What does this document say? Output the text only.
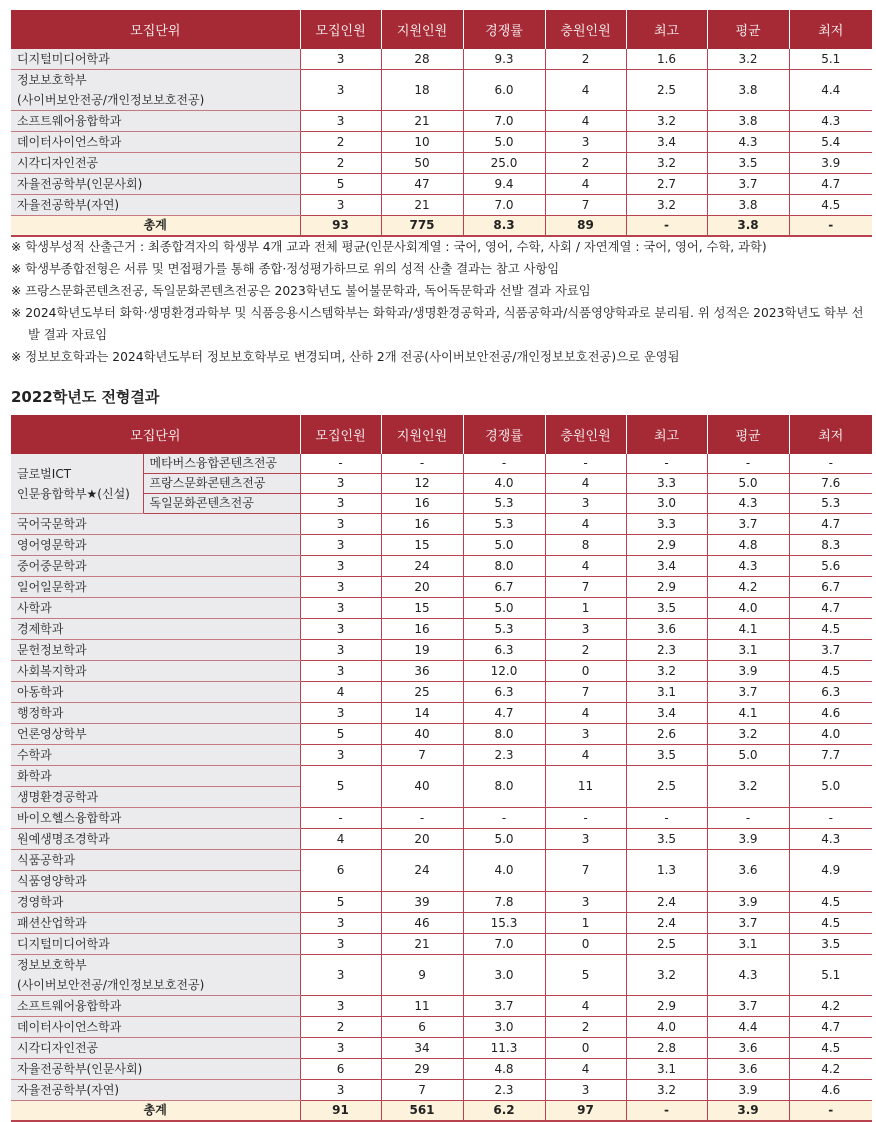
모집단위	모집인원	지원인원	경쟁률	충원인원	최고	평균	최저

디지털미디어학과	3	28	9.3	2	1.6	3.2	5.1

정보보호학부
(사이버보안전공/개인정보보호전공)	3	18	6.0	4	2.5	3.8	4.4

소프트웨어융합학과	3	21	7.0	4	3.2	3.8	4.3

데이터사이언스학과	2	10	5.0	3	3.4	4.3	5.4

시각디자인전공	2	50	25.0	2	3.2	3.5	3.9

자율전공학부(인문사회)	5	47	9.4	4	2.7	3.7	4.7

자율전공학부(자연)	3	21	7.0	7	3.2	3.8	4.5
총계	93	775	8.3	89	-	3.8	-
※ 학생부성적 산출근거 : 최종합격자의 학생부 4개 교과 전체 평균(인문사회계열 : 국어, 영어, 수학, 사회 / 자연계열 : 국어, 영어, 수학, 과학)
※ 학생부종합전형은 서류 및 면접평가를 통해 종합·정성평가하므로 위의 성적 산출 결과는 참고 사항임
※ 프랑스문화콘텐츠전공, 독일문화콘텐츠전공은 2023학년도 불어불문학과, 독어독문학과 선발 결과 자료임
※ 2024학년도부터 화학·생명환경과학부 및 식품응용시스템학부는 화학과/생명환경공학과, 식품공학과/식품영양학과로 분리됨. 위 성적은 2023학년도 학부 선발 결과 자료임
※ 정보보호학과는 2024학년도부터 정보보호학부로 변경되며, 산하 2개 전공(사이버보안전공/개인정보보호전공)으로 운영됨
2022학년도 전형결과
모집단위		모집인원	지원인원	경쟁률	충원인원	최고	평균	최저

글로벌ICT
인문융합학부★(신설)	메타버스융합콘텐츠전공	-	-	-	-	-	-	-
	프랑스문화콘텐츠전공	3	12	4.0	4	3.3	5.0	7.6
	독일문화콘텐츠전공	3	16	5.3	3	3.0	4.3	5.3

국어국문학과		3	16	5.3	4	3.3	3.7	4.7

영어영문학과		3	15	5.0	8	2.9	4.8	8.3

중어중문학과		3	24	8.0	4	3.4	4.3	5.6

일어일문학과		3	20	6.7	7	2.9	4.2	6.7

사학과		3	15	5.0	1	3.5	4.0	4.7

경제학과		3	16	5.3	3	3.6	4.1	4.5

문헌정보학과		3	19	6.3	2	2.3	3.1	3.7

사회복지학과		3	36	12.0	0	3.2	3.9	4.5

아동학과		4	25	6.3	7	3.1	3.7	6.3

행정학과		3	14	4.7	4	3.4	4.1	4.6

언론영상학부		5	40	8.0	3	2.6	3.2	4.0

수학과		3	7	2.3	4	3.5	5.0	7.7

화학과
생명환경공학과		5	40	8.0	11	2.5	3.2	5.0

바이오헬스융합학과		-	-	-	-	-	-	-

원예생명조경학과		4	20	5.0	3	3.5	3.9	4.3

식품공학과
식품영양학과		6	24	4.0	7	1.3	3.6	4.9

경영학과		5	39	7.8	3	2.4	3.9	4.5

패션산업학과		3	46	15.3	1	2.4	3.7	4.5

디지털미디어학과		3	21	7.0	0	2.5	3.1	3.5

정보보호학부
(사이버보안전공/개인정보보호전공)		3	9	3.0	5	3.2	4.3	5.1

소프트웨어융합학과		3	11	3.7	4	2.9	3.7	4.2

데이터사이언스학과		2	6	3.0	2	4.0	4.4	4.7

시각디자인전공		3	34	11.3	0	2.8	3.6	4.5

자율전공학부(인문사회)		6	29	4.8	4	3.1	3.6	4.2

자율전공학부(자연)		3	7	2.3	3	3.2	3.9	4.6
총계		91	561	6.2	97	-	3.9	-
